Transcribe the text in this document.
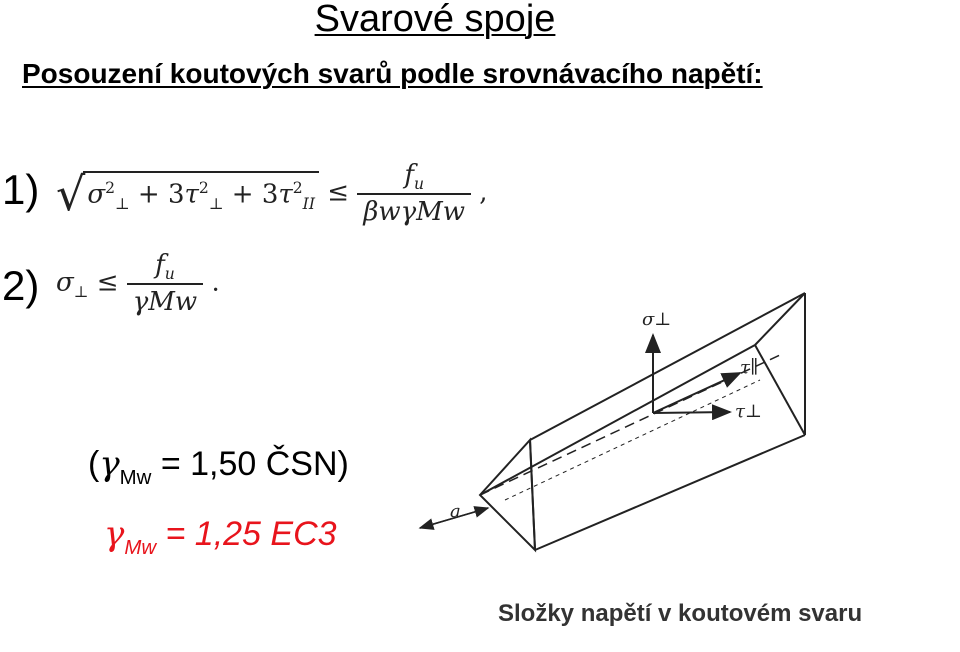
Svarové spoje
Posouzení koutových svarů podle srovnávacího napětí:
1) √ $\sigma^2_\perp + 3\tau^2_\perp + 3\tau^2_{II} \le \frac{f_u}{\text{βwγMw}}$ ,
2) $\sigma_\perp \le \frac{f_u}{\text{γMw}}$ .
($\gamma_{Mw} = 1,50$ ČSN)
$\gamma_{Mw} = 1,25$ EC3
σ⊥
τ∥
τ⊥
a
Složky napětí v koutovém svaru
